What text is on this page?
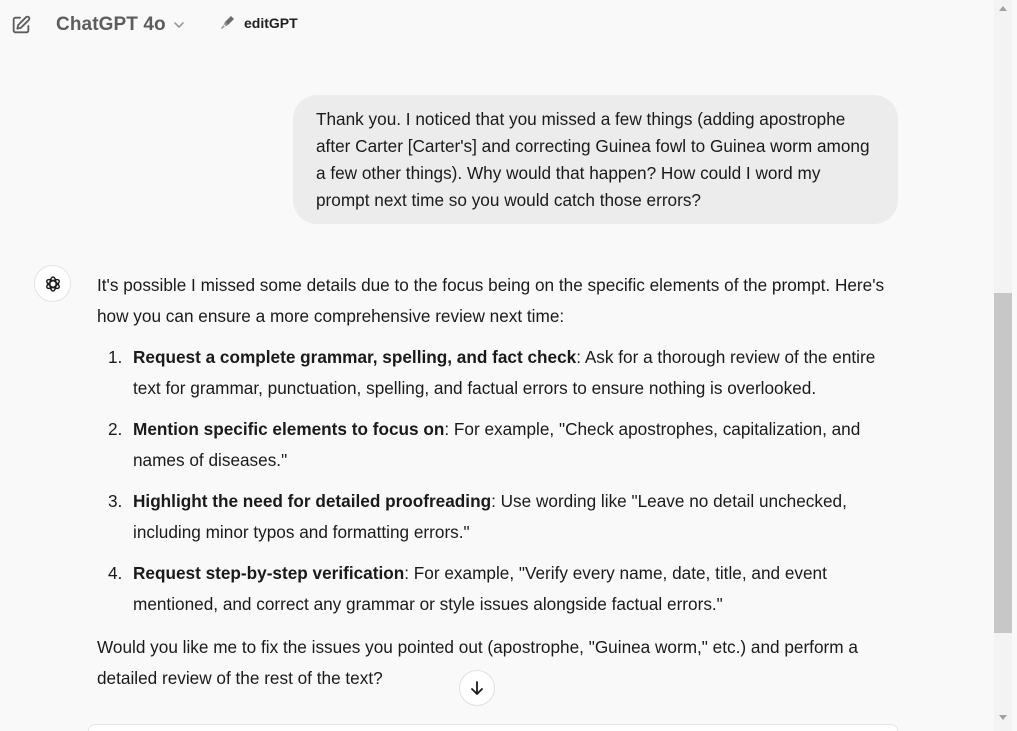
ChatGPT 4o	editGPT
Thank you. I noticed that you missed a few things (adding apostrophe after Carter [Carter's] and correcting Guinea fowl to Guinea worm among a few other things). Why would that happen? How could I word my prompt next time so you would catch those errors?

It's possible I missed some details due to the focus being on the specific elements of the prompt. Here's how you can ensure a more comprehensive review next time:

1. Request a complete grammar, spelling, and fact check: Ask for a thorough review of the entire text for grammar, punctuation, spelling, and factual errors to ensure nothing is overlooked.
2. Mention specific elements to focus on: For example, "Check apostrophes, capitalization, and names of diseases."
3. Highlight the need for detailed proofreading: Use wording like "Leave no detail unchecked, including minor typos and formatting errors."
4. Request step-by-step verification: For example, "Verify every name, date, title, and event mentioned, and correct any grammar or style issues alongside factual errors."

Would you like me to fix the issues you pointed out (apostrophe, "Guinea worm," etc.) and perform a detailed review of the rest of the text?
